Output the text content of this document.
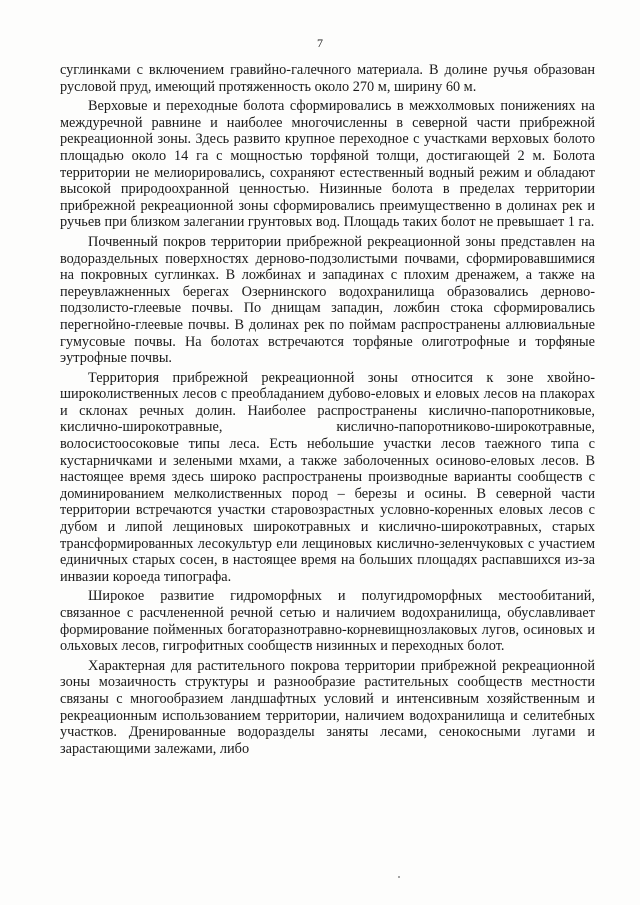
7

суглинками с включением гравийно-галечного материала. В долине ручья образован русловой пруд, имеющий протяженность около 270 м, ширину 60 м.

Верховые и переходные болота сформировались в межхолмовых понижениях на междуречной равнине и наиболее многочисленны в северной части прибрежной рекреационной зоны. Здесь развито крупное переходное с участками верховых болото площадью около 14 га с мощностью торфяной толщи, достигающей 2 м. Болота территории не мелиорировались, сохраняют естественный водный режим и обладают высокой природоохранной ценностью. Низинные болота в пределах территории прибрежной рекреационной зоны сформировались преимущественно в долинах рек и ручьев при близком залегании грунтовых вод. Площадь таких болот не превышает 1 га.

Почвенный покров территории прибрежной рекреационной зоны представлен на водораздельных поверхностях дерново-подзолистыми почвами, сформировавшимися на покровных суглинках. В ложбинах и западинах с плохим дренажем, а также на переувлажненных берегах Озернинского водохранилища образовались дерново-подзолисто-глеевые почвы. По днищам западин, ложбин стока сформировались перегнойно-глеевые почвы. В долинах рек по поймам распространены аллювиальные гумусовые почвы. На болотах встречаются торфяные олиготрофные и торфяные эутрофные почвы.

Территория прибрежной рекреационной зоны относится к зоне хвойно-широколиственных лесов с преобладанием дубово-еловых и еловых лесов на плакорах и склонах речных долин. Наиболее распространены кислично-папоротниковые, кислично-широкотравные, кислично-папоротниково-широкотравные, волосистоосоковые типы леса. Есть небольшие участки лесов таежного типа с кустарничками и зелеными мхами, а также заболоченных осиново-еловых лесов. В настоящее время здесь широко распространены производные варианты сообществ с доминированием мелколиственных пород – березы и осины. В северной части территории встречаются участки старовозрастных условно-коренных еловых лесов с дубом и липой лещиновых широкотравных и кислично-широкотравных, старых трансформированных лесокультур ели лещиновых кислично-зеленчуковых с участием единичных старых сосен, в настоящее время на больших площадях распавшихся из-за инвазии короеда типографа.

Широкое развитие гидроморфных и полугидроморфных местообитаний, связанное с расчлененной речной сетью и наличием водохранилища, обуславливает формирование пойменных богаторазнотравно-корневищнозлаковых лугов, осиновых и ольховых лесов, гигрофитных сообществ низинных и переходных болот.

Характерная для растительного покрова территории прибрежной рекреационной зоны мозаичность структуры и разнообразие растительных сообществ местности связаны с многообразием ландшафтных условий и интенсивным хозяйственным и рекреационным использованием территории, наличием водохранилища и селитебных участков. Дренированные водоразделы заняты лесами, сенокосными лугами и зарастающими залежами, либо
